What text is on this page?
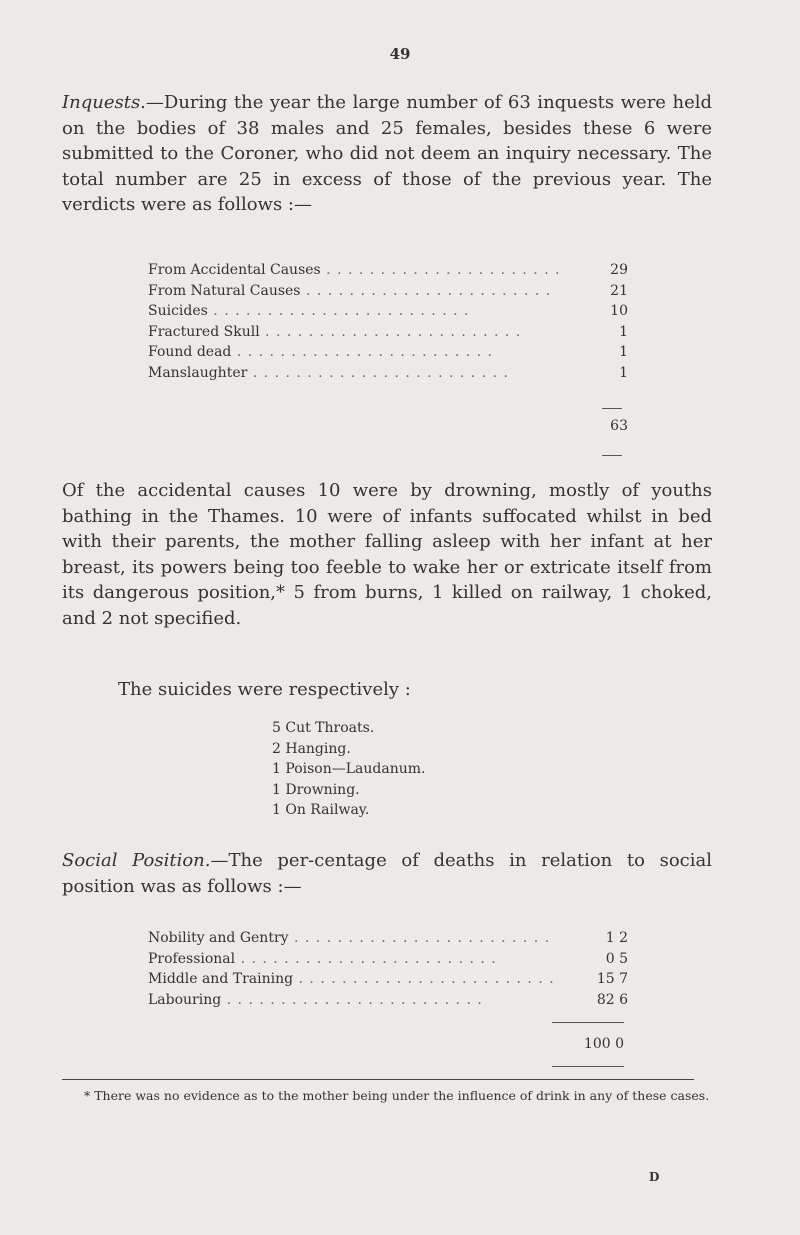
49
Inquests.—During the year the large number of 63 inquests were held on the bodies of 38 males and 25 females, besides these 6 were submitted to the Coroner, who did not deem an inquiry necessary. The total number are 25 in excess of those of the previous year. The verdicts were as follows :—
From Accidental Causes . . .	29
From Natural Causes . . .	21
Suicides . . .	10
Fractured Skull . . .	1
Found dead . . .	1
Manslaughter . . .	1
63
Of the accidental causes 10 were by drowning, mostly of youths bathing in the Thames. 10 were of infants suffocated whilst in bed with their parents, the mother falling asleep with her infant at her breast, its powers being too feeble to wake her or extricate itself from its dangerous position,* 5 from burns, 1 killed on railway, 1 choked, and 2 not specified.
The suicides were respectively :
5 Cut Throats.
2 Hanging.
1 Poison—Laudanum.
1 Drowning.
1 On Railway.
Social Position.—The per-centage of deaths in relation to social position was as follows :—
Nobility and Gentry . . .	1 2
Professional . . .	0 5
Middle and Training . . .	15 7
Labouring . . .	82 6
100 0
* There was no evidence as to the mother being under the influence of drink in any of these cases.
D
